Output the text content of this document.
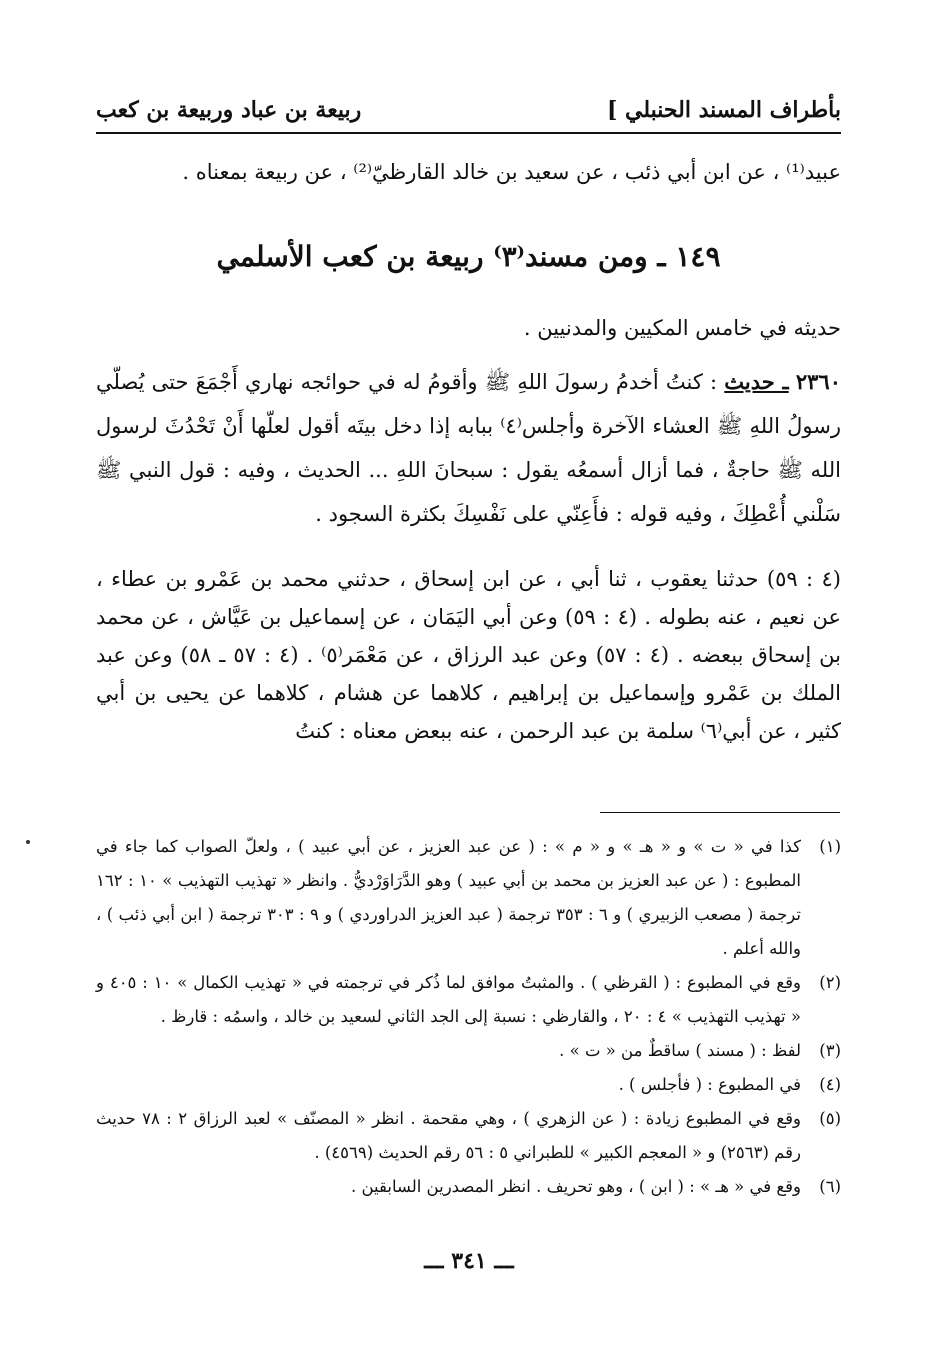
بأطراف المسند الحنبلي ]
ربيعة بن عباد وربيعة بن كعب
عبيد⁽¹⁾ ، عن ابن أبي ذئب ، عن سعيد بن خالد القارظيّ⁽²⁾ ، عن ربيعة بمعناه .
١٤٩ ـ ومن مسند⁽٣⁾ ربيعة بن كعب الأسلمي
حديثه في خامس المكيين والمدنيين .
٢٣٦٠ ـ حديث : كنتُ أخدمُ رسولَ اللهِ ﷺ وأقومُ له في حوائجه نهاري أَجْمَعَ حتى يُصلّي رسولُ اللهِ ﷺ العشاء الآخرة وأجلس⁽٤⁾ ببابه إذا دخل بيتَه أقول لعلّها أَنْ تَحْدُثَ لرسول الله ﷺ حاجةٌ ، فما أزال أسمعُه يقول : سبحانَ اللهِ ... الحديث ، وفيه : قول النبي ﷺ سَلْني أُعْطِكَ ، وفيه قوله : فأَعِنّي على نَفْسِكَ بكثرة السجود .
(٤ : ٥٩) حدثنا يعقوب ، ثنا أبي ، عن ابن إسحاق ، حدثني محمد بن عَمْرو بن عطاء ، عن نعيم ، عنه بطوله . (٤ : ٥٩) وعن أبي اليَمَان ، عن إسماعيل بن عَيَّاش ، عن محمد بن إسحاق ببعضه . (٤ : ٥٧) وعن عبد الرزاق ، عن مَعْمَر⁽٥⁾ . (٤ : ٥٧ ـ ٥٨) وعن عبد الملك بن عَمْرو وإسماعيل بن إبراهيم ، كلاهما عن هشام ، كلاهما عن يحيى بن أبي كثير ، عن أبي⁽٦⁾ سلمة بن عبد الرحمن ، عنه ببعض معناه : كنتُ
(١)
كذا في « ت » و « هـ » و « م » : ( عن عبد العزيز ، عن أبي عبيد ) ، ولعلّ الصواب كما جاء في المطبوع : ( عن عبد العزيز بن محمد بن أبي عبيد ) وهو الدَّرَاوَرْديُّ . وانظر « تهذيب التهذيب » ١٠ : ١٦٢ ترجمة ( مصعب الزبيري ) و ٦ : ٣٥٣ ترجمة ( عبد العزيز الدراوردي ) و ٩ : ٣٠٣ ترجمة ( ابن أبي ذئب ) ، والله أعلم .
(٢)
وقع في المطبوع : ( القرظي ) . والمثبتُ موافق لما ذُكر في ترجمته في « تهذيب الكمال » ١٠ : ٤٠٥ و « تهذيب التهذيب » ٤ : ٢٠ ، والقارظي : نسبة إلى الجد الثاني لسعيد بن خالد ، واسمُه : قارظ .
(٣)
لفظ : ( مسند ) ساقطٌ من « ت » .
(٤)
في المطبوع : ( فأجلس ) .
(٥)
وقع في المطبوع زيادة : ( عن الزهري ) ، وهي مقحمة . انظر « المصنّف » لعبد الرزاق ٢ : ٧٨ حديث رقم (٢٥٦٣) و « المعجم الكبير » للطبراني ٥ : ٥٦ رقم الحديث (٤٥٦٩) .
(٦)
وقع في « هـ » : ( ابن ) ، وهو تحريف . انظر المصدرين السابقين .
ـــ ٣٤١ ـــ
